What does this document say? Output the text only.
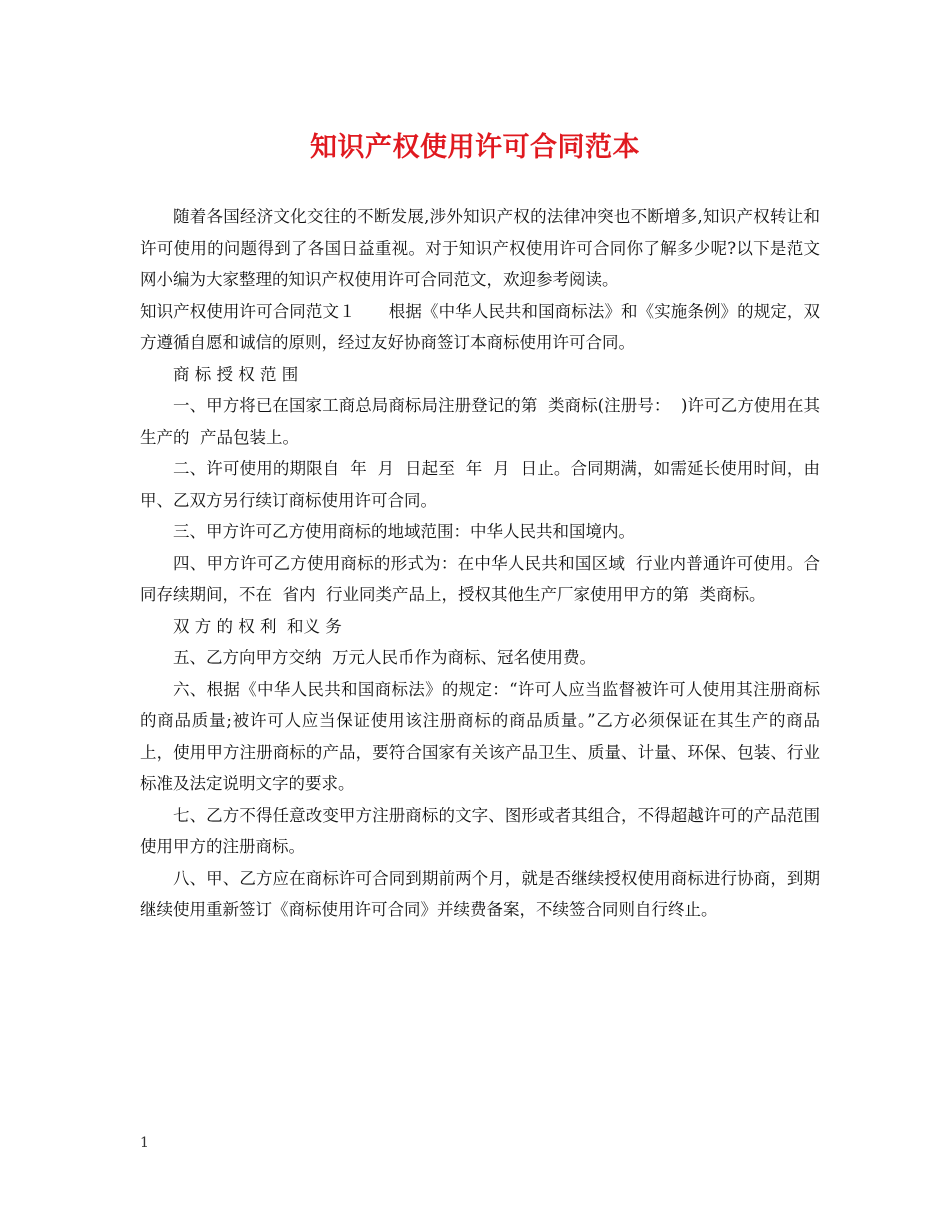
知识产权使用许可合同范本

随着各国经济文化交往的不断发展,涉外知识产权的法律冲突也不断增多,知识产权转让和许可使用的问题得到了各国日益重视。对于知识产权使用许可合同你了解多少呢?以下是范文网小编为大家整理的知识产权使用许可合同范文，欢迎参考阅读。

知识产权使用许可合同范文１　　根据《中华人民共和国商标法》和《实施条例》的规定，双方遵循自愿和诚信的原则，经过友好协商签订本商标使用许可合同。

商 标 授 权 范 围

一、甲方将已在国家工商总局商标局注册登记的第  类商标(注册号：  )许可乙方使用在其生产的  产品包装上。

二、许可使用的期限自  年  月  日起至  年  月  日止。合同期满，如需延长使用时间，由甲、乙双方另行续订商标使用许可合同。

三、甲方许可乙方使用商标的地域范围：中华人民共和国境内。

四、甲方许可乙方使用商标的形式为：在中华人民共和国区域  行业内普通许可使用。合同存续期间，不在  省内  行业同类产品上，授权其他生产厂家使用甲方的第  类商标。

双 方 的 权 利  和义 务

五、乙方向甲方交纳  万元人民币作为商标、冠名使用费。

六、根据《中华人民共和国商标法》的规定：“许可人应当监督被许可人使用其注册商标的商品质量;被许可人应当保证使用该注册商标的商品质量。”乙方必须保证在其生产的商品上，使用甲方注册商标的产品，要符合国家有关该产品卫生、质量、计量、环保、包装、行业标准及法定说明文字的要求。

七、乙方不得任意改变甲方注册商标的文字、图形或者其组合，不得超越许可的产品范围使用甲方的注册商标。

八、甲、乙方应在商标许可合同到期前两个月，就是否继续授权使用商标进行协商，到期继续使用重新签订《商标使用许可合同》并续费备案，不续签合同则自行终止。

1
